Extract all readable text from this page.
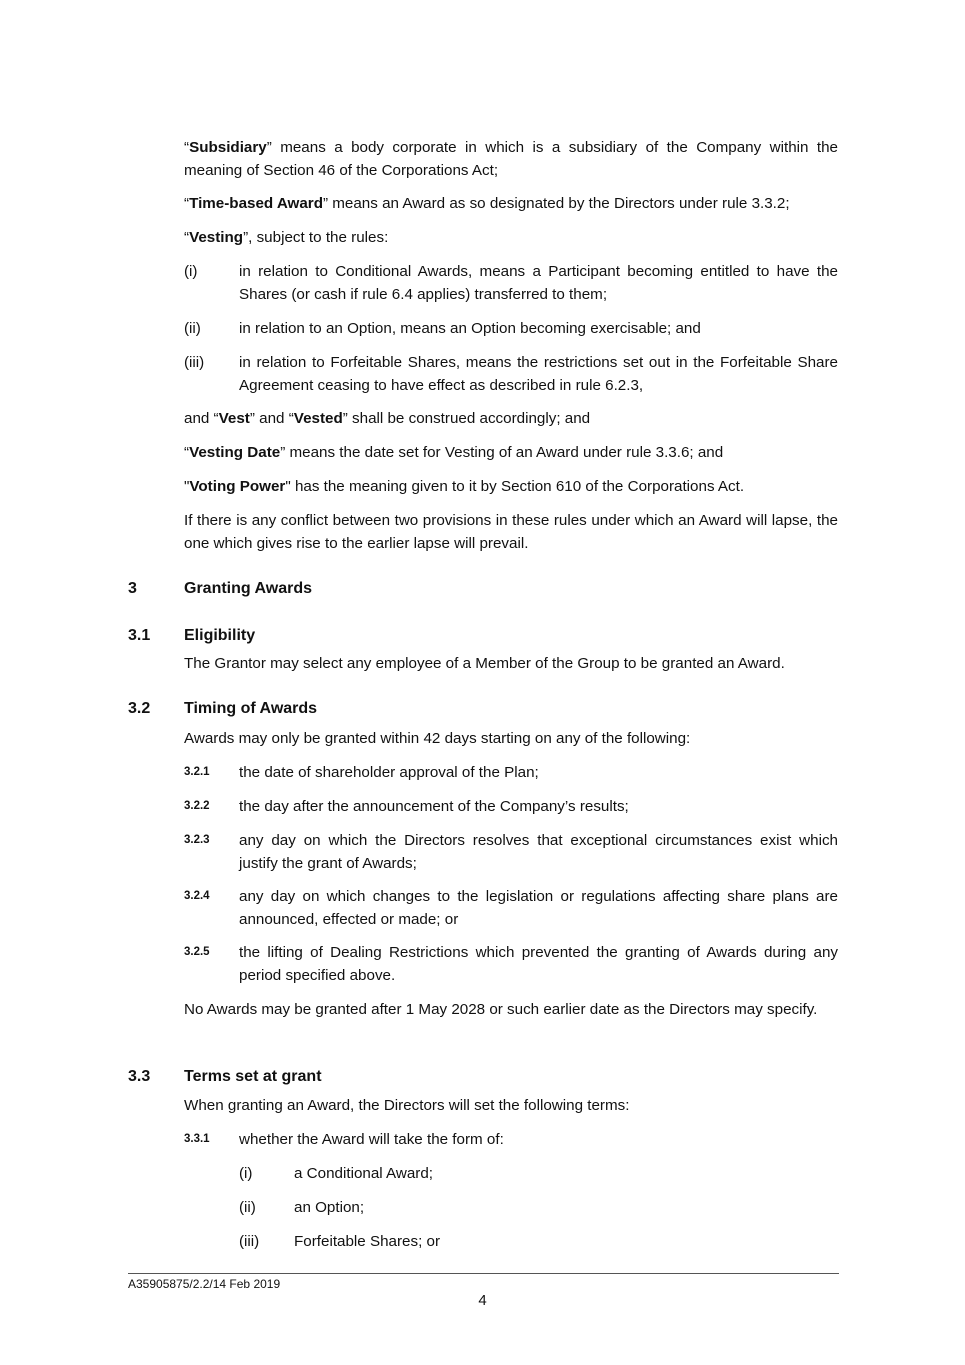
“Subsidiary” means a body corporate in which is a subsidiary of the Company within the meaning of Section 46 of the Corporations Act;
“Time-based Award” means an Award as so designated by the Directors under rule 3.3.2;
“Vesting”, subject to the rules:
(i)	in relation to Conditional Awards, means a Participant becoming entitled to have the Shares (or cash if rule 6.4 applies) transferred to them;
(ii)	in relation to an Option, means an Option becoming exercisable; and
(iii)	in relation to Forfeitable Shares, means the restrictions set out in the Forfeitable Share Agreement ceasing to have effect as described in rule 6.2.3,
and “Vest” and “Vested” shall be construed accordingly; and
“Vesting Date” means the date set for Vesting of an Award under rule 3.3.6; and
"Voting Power" has the meaning given to it by Section 610 of the Corporations Act.
If there is any conflict between two provisions in these rules under which an Award will lapse, the one which gives rise to the earlier lapse will prevail.
3	Granting Awards
3.1 Eligibility
The Grantor may select any employee of a Member of the Group to be granted an Award.
3.2 Timing of Awards
Awards may only be granted within 42 days starting on any of the following:
3.2.1 the date of shareholder approval of the Plan;
3.2.2 the day after the announcement of the Company’s results;
3.2.3 any day on which the Directors resolves that exceptional circumstances exist which justify the grant of Awards;
3.2.4 any day on which changes to the legislation or regulations affecting share plans are announced, effected or made; or
3.2.5 the lifting of Dealing Restrictions which prevented the granting of Awards during any period specified above.
No Awards may be granted after 1 May 2028 or such earlier date as the Directors may specify.
3.3 Terms set at grant
When granting an Award, the Directors will set the following terms:
3.3.1 whether the Award will take the form of:
(i)	a Conditional Award;
(ii)	an Option;
(iii) Forfeitable Shares; or
A35905875/2.2/14 Feb 2019
4
